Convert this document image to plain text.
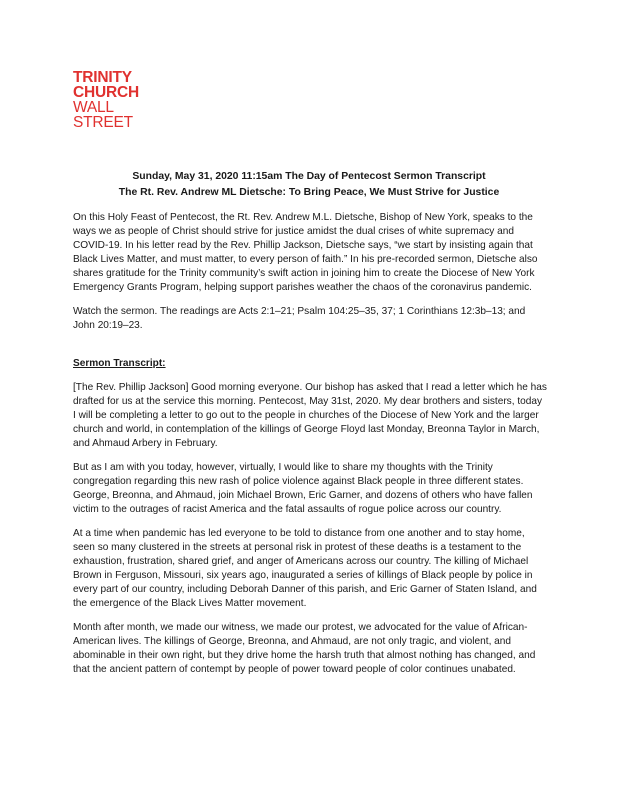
TRINITY
CHURCH
WALL
STREET
Sunday, May 31, 2020 11:15am The Day of Pentecost Sermon Transcript
The Rt. Rev. Andrew ML Dietsche: To Bring Peace, We Must Strive for Justice

On this Holy Feast of Pentecost, the Rt. Rev. Andrew M.L. Dietsche, Bishop of New York, speaks to the ways we as people of Christ should strive for justice amidst the dual crises of white supremacy and COVID-19. In his letter read by the Rev. Phillip Jackson, Dietsche says, “we start by insisting again that Black Lives Matter, and must matter, to every person of faith.” In his pre-recorded sermon, Dietsche also shares gratitude for the Trinity community’s swift action in joining him to create the Diocese of New York Emergency Grants Program, helping support parishes weather the chaos of the coronavirus pandemic.

Watch the sermon. The readings are Acts 2:1–21; Psalm 104:25–35, 37; 1 Corinthians 12:3b–13; and John 20:19–23.

Sermon Transcript:

[The Rev. Phillip Jackson] Good morning everyone. Our bishop has asked that I read a letter which he has drafted for us at the service this morning. Pentecost, May 31st, 2020. My dear brothers and sisters, today I will be completing a letter to go out to the people in churches of the Diocese of New York and the larger church and world, in contemplation of the killings of George Floyd last Monday, Breonna Taylor in March, and Ahmaud Arbery in February.

But as I am with you today, however, virtually, I would like to share my thoughts with the Trinity congregation regarding this new rash of police violence against Black people in three different states. George, Breonna, and Ahmaud, join Michael Brown, Eric Garner, and dozens of others who have fallen victim to the outrages of racist America and the fatal assaults of rogue police across our country.

At a time when pandemic has led everyone to be told to distance from one another and to stay home, seen so many clustered in the streets at personal risk in protest of these deaths is a testament to the exhaustion, frustration, shared grief, and anger of Americans across our country. The killing of Michael Brown in Ferguson, Missouri, six years ago, inaugurated a series of killings of Black people by police in every part of our country, including Deborah Danner of this parish, and Eric Garner of Staten Island, and the emergence of the Black Lives Matter movement.

Month after month, we made our witness, we made our protest, we advocated for the value of African-American lives. The killings of George, Breonna, and Ahmaud, are not only tragic, and violent, and abominable in their own right, but they drive home the harsh truth that almost nothing has changed, and that the ancient pattern of contempt by people of power toward people of color continues unabated.
